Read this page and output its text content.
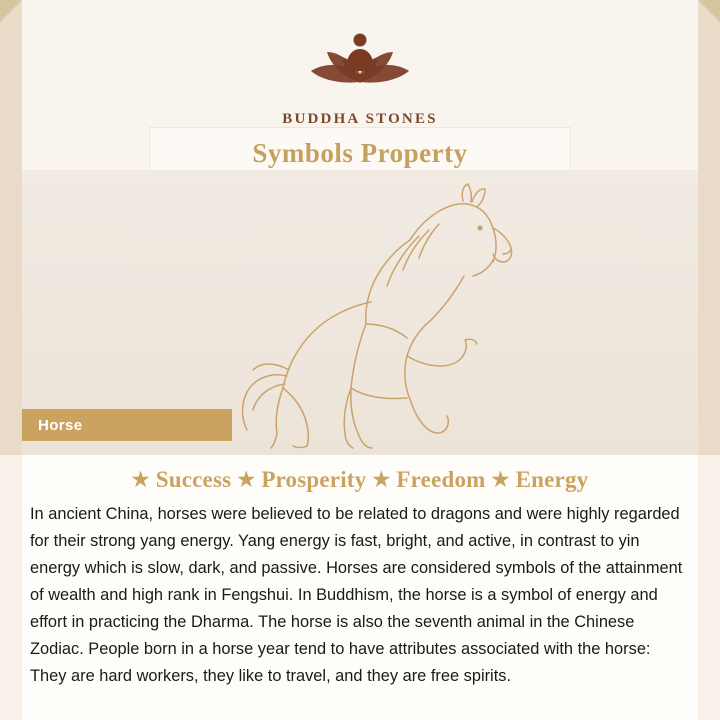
BUDDHA STONES
Symbols Property
Horse
★ Success ★ Prosperity ★ Freedom ★ Energy

In ancient China, horses were believed to be related to dragons and were highly regarded for their strong yang energy. Yang energy is fast, bright, and active, in contrast to yin energy which is slow, dark, and passive. Horses are considered symbols of the attainment of wealth and high rank in Fengshui. In Buddhism, the horse is a symbol of energy and effort in practicing the Dharma. The horse is also the seventh animal in the Chinese Zodiac. People born in a horse year tend to have attributes associated with the horse: They are hard workers, they like to travel, and they are free spirits.
